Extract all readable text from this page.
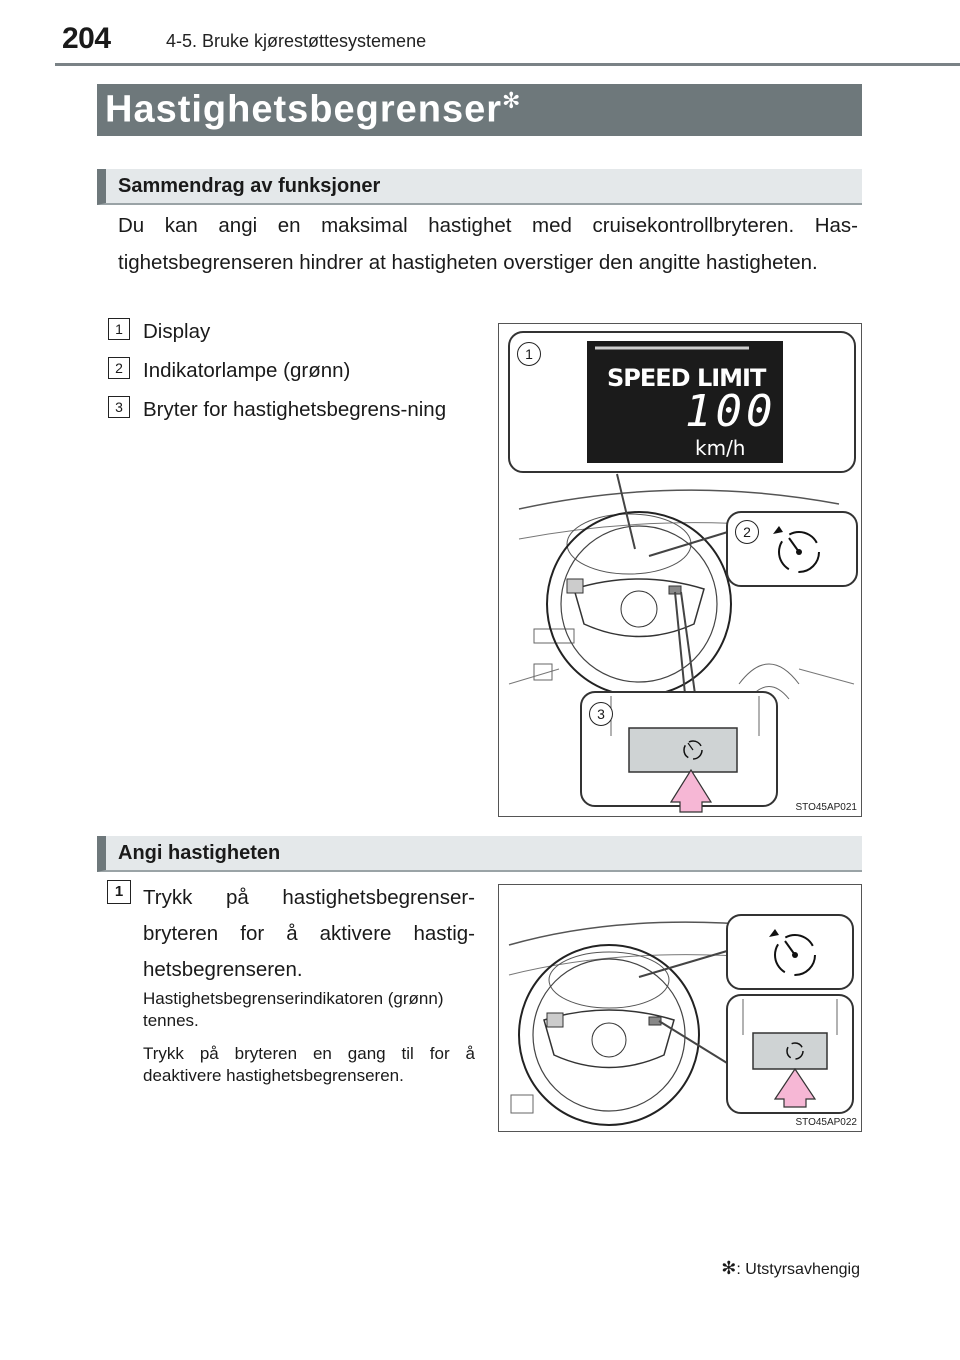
204	4-5. Bruke kjørestøttesystemene
Hastighetsbegrenser✻
Sammendrag av funksjoner
Du kan angi en maksimal hastighet med cruisekontrollbryteren. Hastighetsbegrenseren hindrer at hastigheten overstiger den angitte hastigheten.
1 Display
2 Indikatorlampe (grønn)
3 Bryter for hastighetsbegrens-ning
SPEED LIMIT
100
km/h
1
2
3
STO45AP021
Angi hastigheten
1 Trykk på hastighetsbegrenser-bryteren for å aktivere hastig-hetsbegrenseren.
Hastighetsbegrenserindikatoren (grønn) tennes.
Trykk på bryteren en gang til for å deaktivere hastighetsbegrenseren.
STO45AP022
✻: Utstyrsavhengig
